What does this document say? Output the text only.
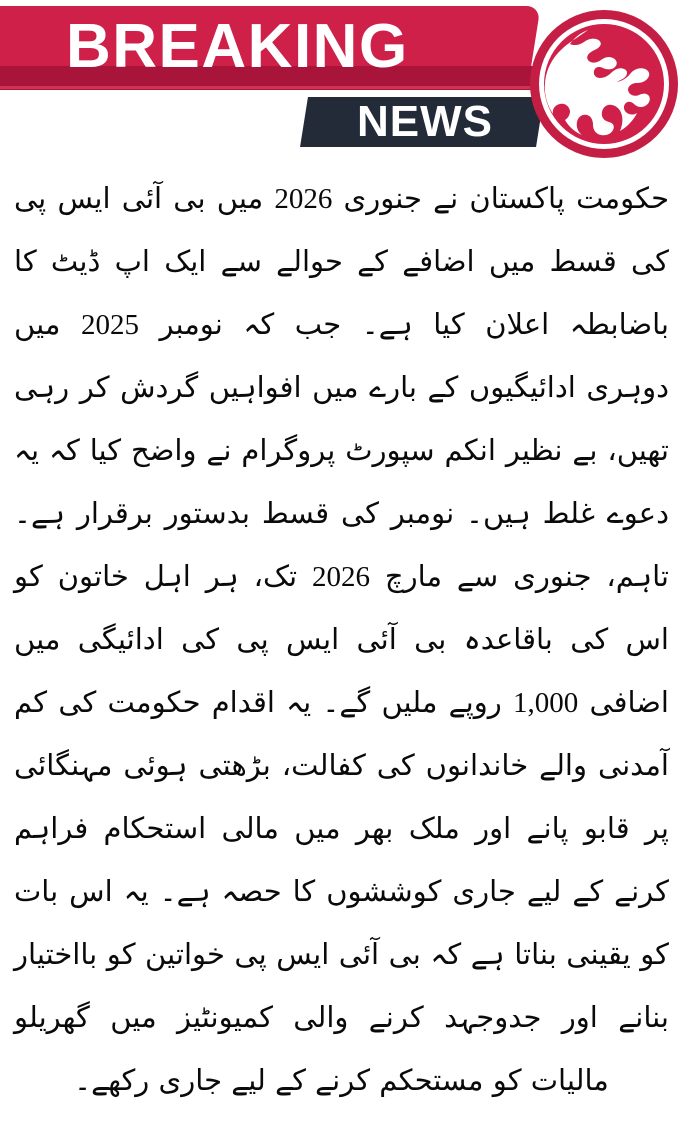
BREAKING
NEWS
حکومت پاکستان نے جنوری 2026 میں بی آئی ایس پی کی قسط میں اضافے کے حوالے سے ایک اپ ڈیٹ کا باضابطہ اعلان کیا ہے۔ جب کہ نومبر 2025 میں دوہری ادائیگیوں کے بارے میں افواہیں گردش کر رہی تھیں، بے نظیر انکم سپورٹ پروگرام نے واضح کیا کہ یہ دعوے غلط ہیں۔ نومبر کی قسط بدستور برقرار ہے۔ تاہم، جنوری سے مارچ 2026 تک، ہر اہل خاتون کو اس کی باقاعدہ بی آئی ایس پی کی ادائیگی میں اضافی 1,000 روپے ملیں گے۔ یہ اقدام حکومت کی کم آمدنی والے خاندانوں کی کفالت، بڑھتی ہوئی مہنگائی پر قابو پانے اور ملک بھر میں مالی استحکام فراہم کرنے کے لیے جاری کوششوں کا حصہ ہے۔ یہ اس بات کو یقینی بناتا ہے کہ بی آئی ایس پی خواتین کو بااختیار بنانے اور جدوجہد کرنے والی کمیونٹیز میں گھریلو مالیات کو مستحکم کرنے کے لیے جاری رکھے۔
